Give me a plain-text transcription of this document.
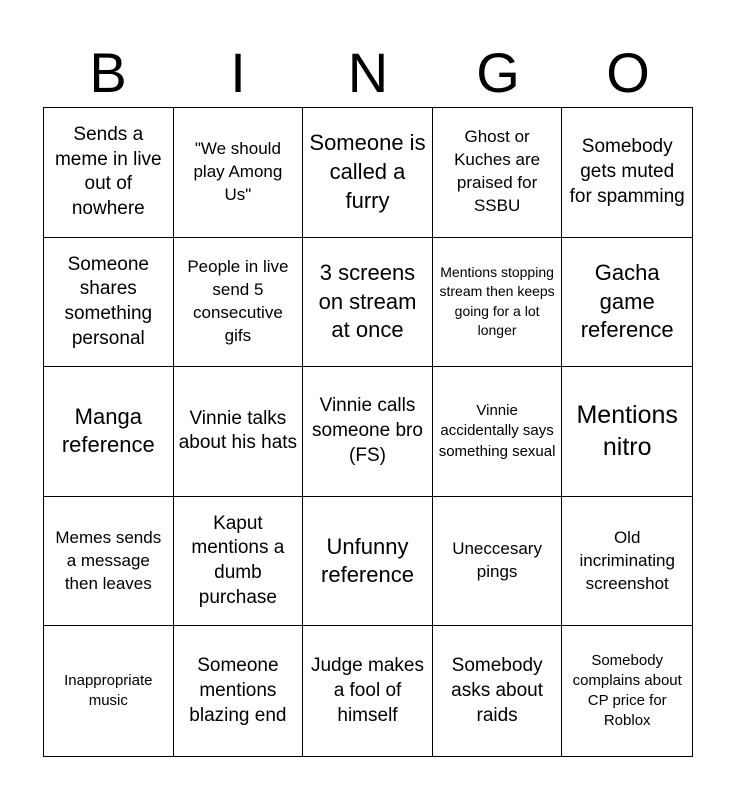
B	I	N	G	O
Sends a meme in live out of nowhere
"We should play Among Us"
Someone is called a furry
Ghost or Kuches are praised for SSBU
Somebody gets muted for spamming
Someone shares something personal
People in live send 5 consecutive gifs
3 screens on stream at once
Mentions stopping stream then keeps going for a lot longer
Gacha game reference
Manga reference
Vinnie talks about his hats
Vinnie calls someone bro (FS)
Vinnie accidentally says something sexual
Mentions nitro
Memes sends a message then leaves
Kaput mentions a dumb purchase
Unfunny reference
Uneccesary pings
Old incriminating screenshot
Inappropriate music
Someone mentions blazing end
Judge makes a fool of himself
Somebody asks about raids
Somebody complains about CP price for Roblox
